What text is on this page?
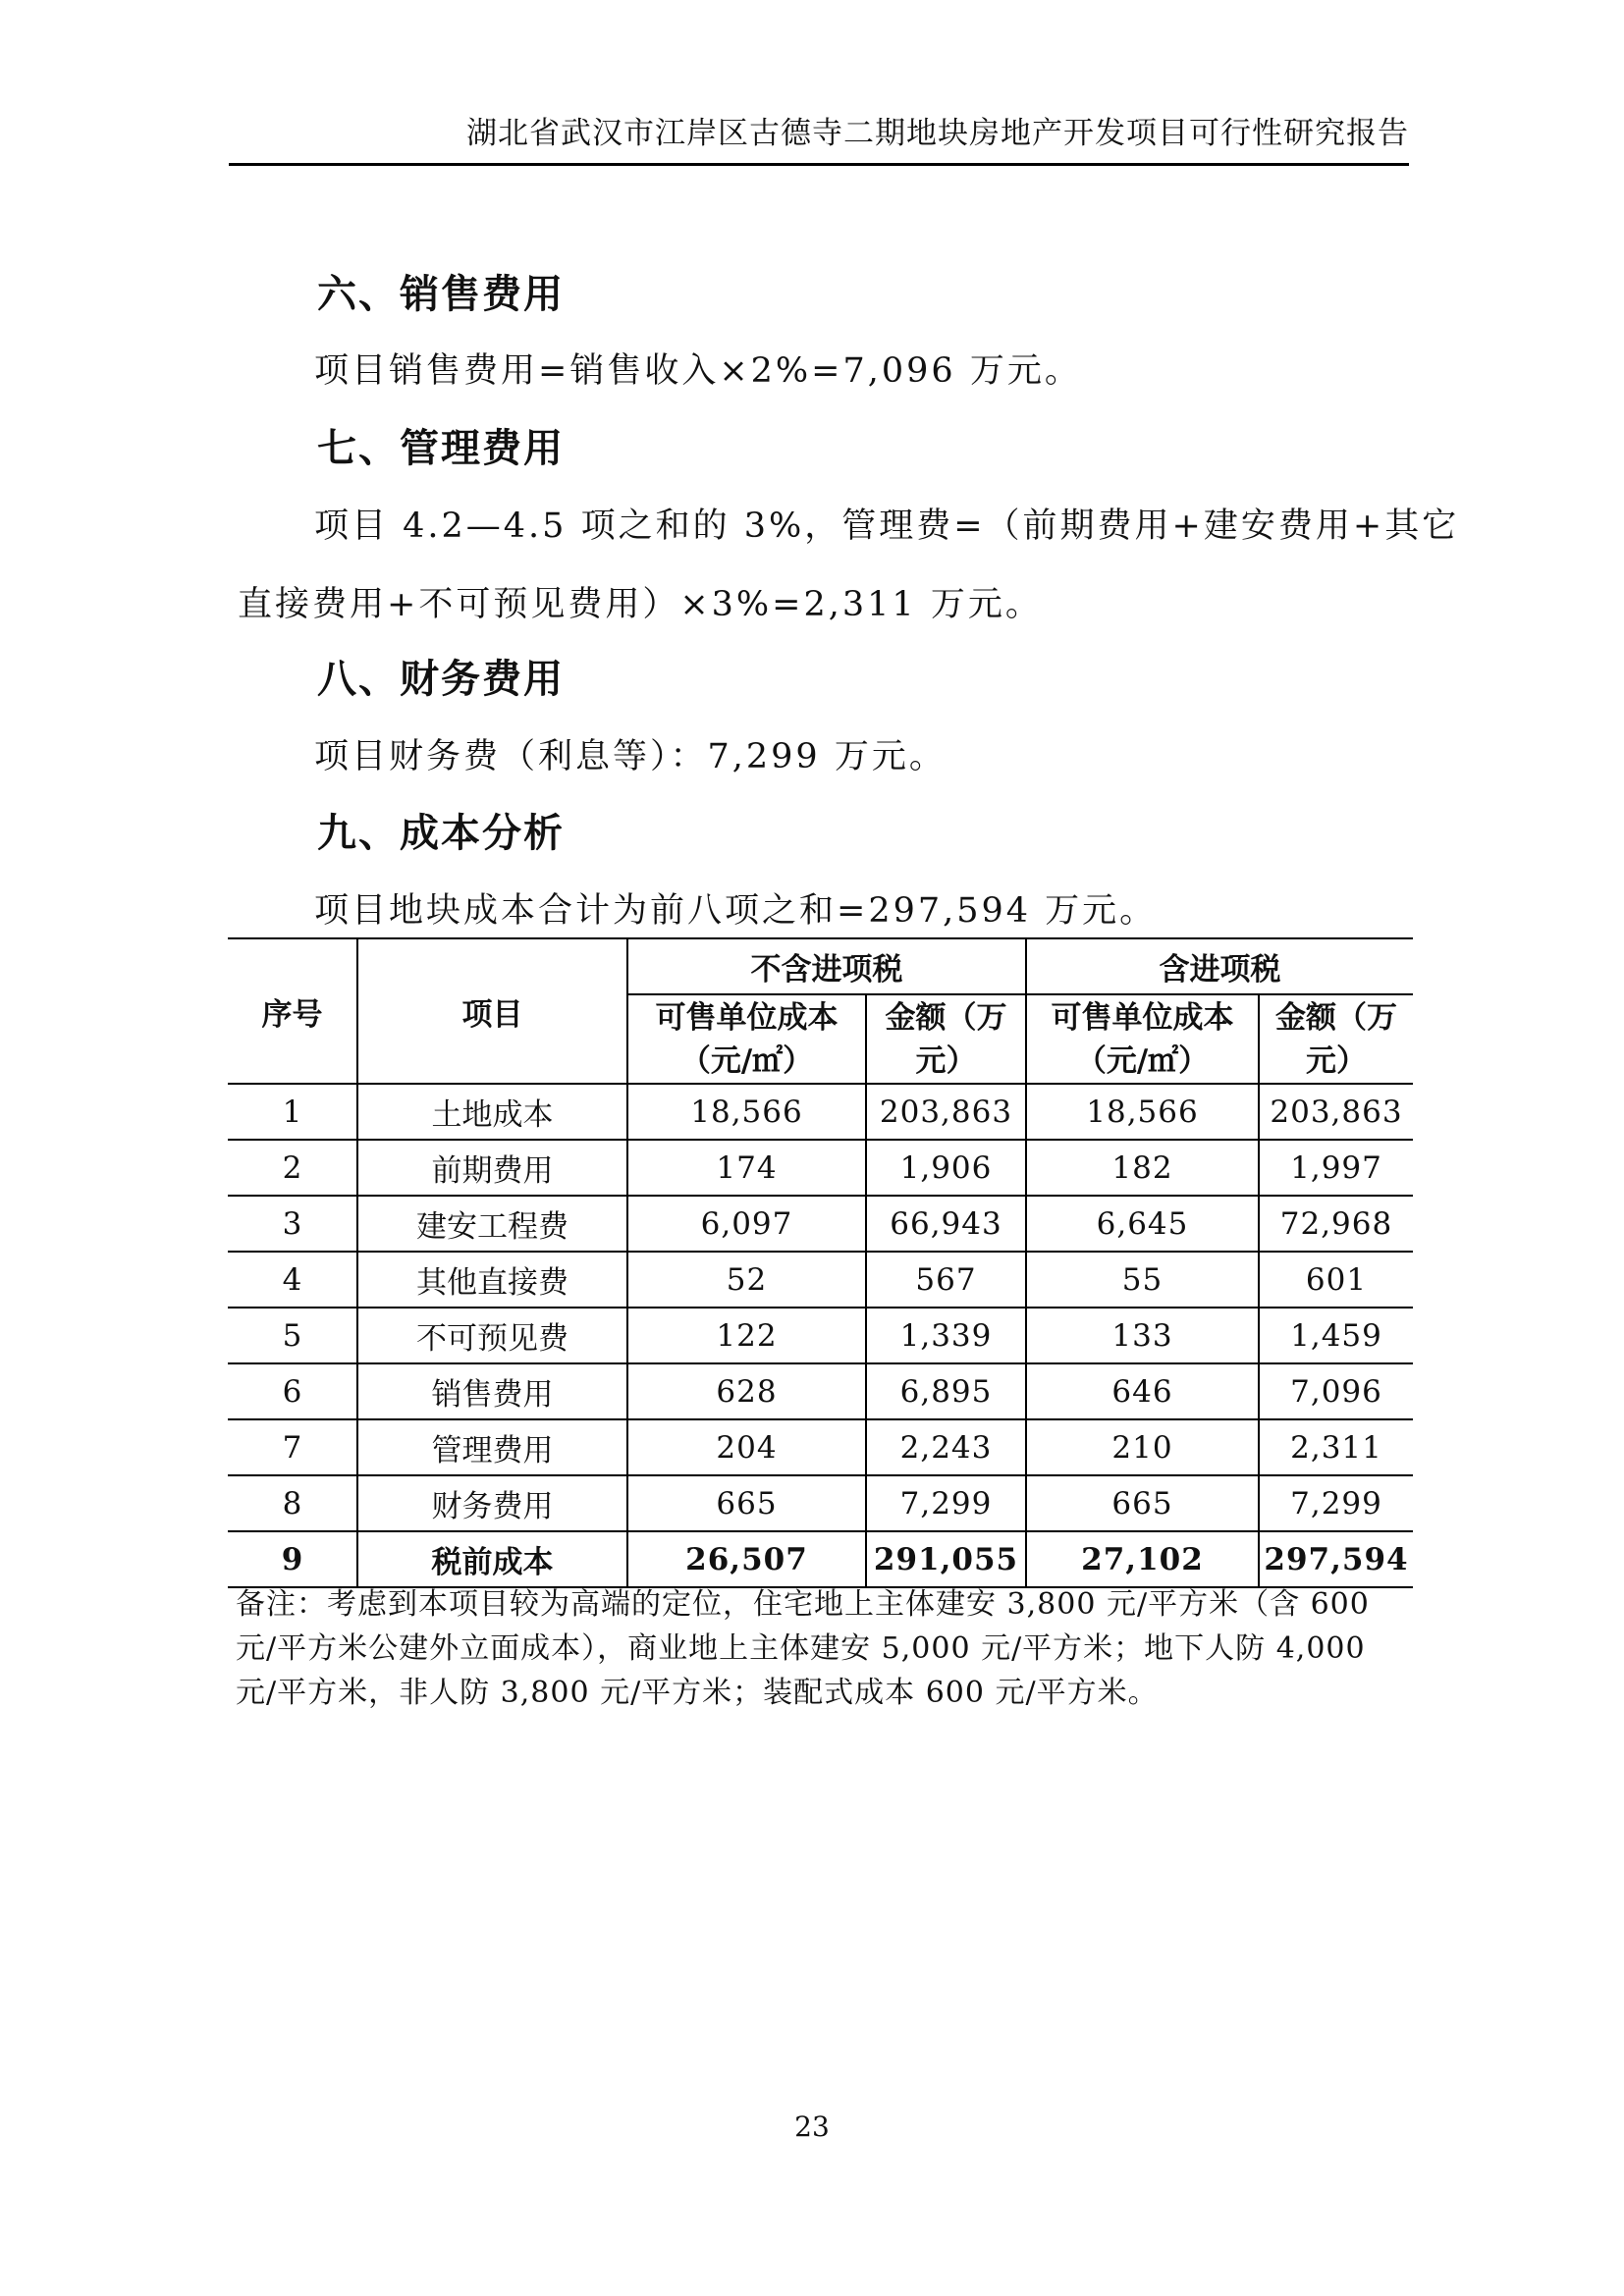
湖北省武汉市江岸区古德寺二期地块房地产开发项目可行性研究报告
六、销售费用
项目销售费用=销售收入×2%=7,096 万元。
七、管理费用
项目 4.2—4.5 项之和的 3%，管理费=（前期费用+建安费用+其它
直接费用+不可预见费用）×3%=2,311 万元。
八、财务费用
项目财务费（利息等）：7,299 万元。
九、成本分析
项目地块成本合计为前八项之和=297,594 万元。
序号	项目	不含进项税		含进项税	
		可售单位成本（元/㎡）	金额（万元）	可售单位成本（元/㎡）	金额（万元）
1	土地成本	18,566	203,863	18,566	203,863
2	前期费用	174	1,906	182	1,997
3	建安工程费	6,097	66,943	6,645	72,968
4	其他直接费	52	567	55	601
5	不可预见费	122	1,339	133	1,459
6	销售费用	628	6,895	646	7,096
7	管理费用	204	2,243	210	2,311
8	财务费用	665	7,299	665	7,299
9	税前成本	26,507	291,055	27,102	297,594
备注：考虑到本项目较为高端的定位，住宅地上主体建安 3,800 元/平方米（含 600 元/平方米公建外立面成本），商业地上主体建安 5,000 元/平方米；地下人防 4,000 元/平方米，非人防 3,800 元/平方米；装配式成本 600 元/平方米。
23
